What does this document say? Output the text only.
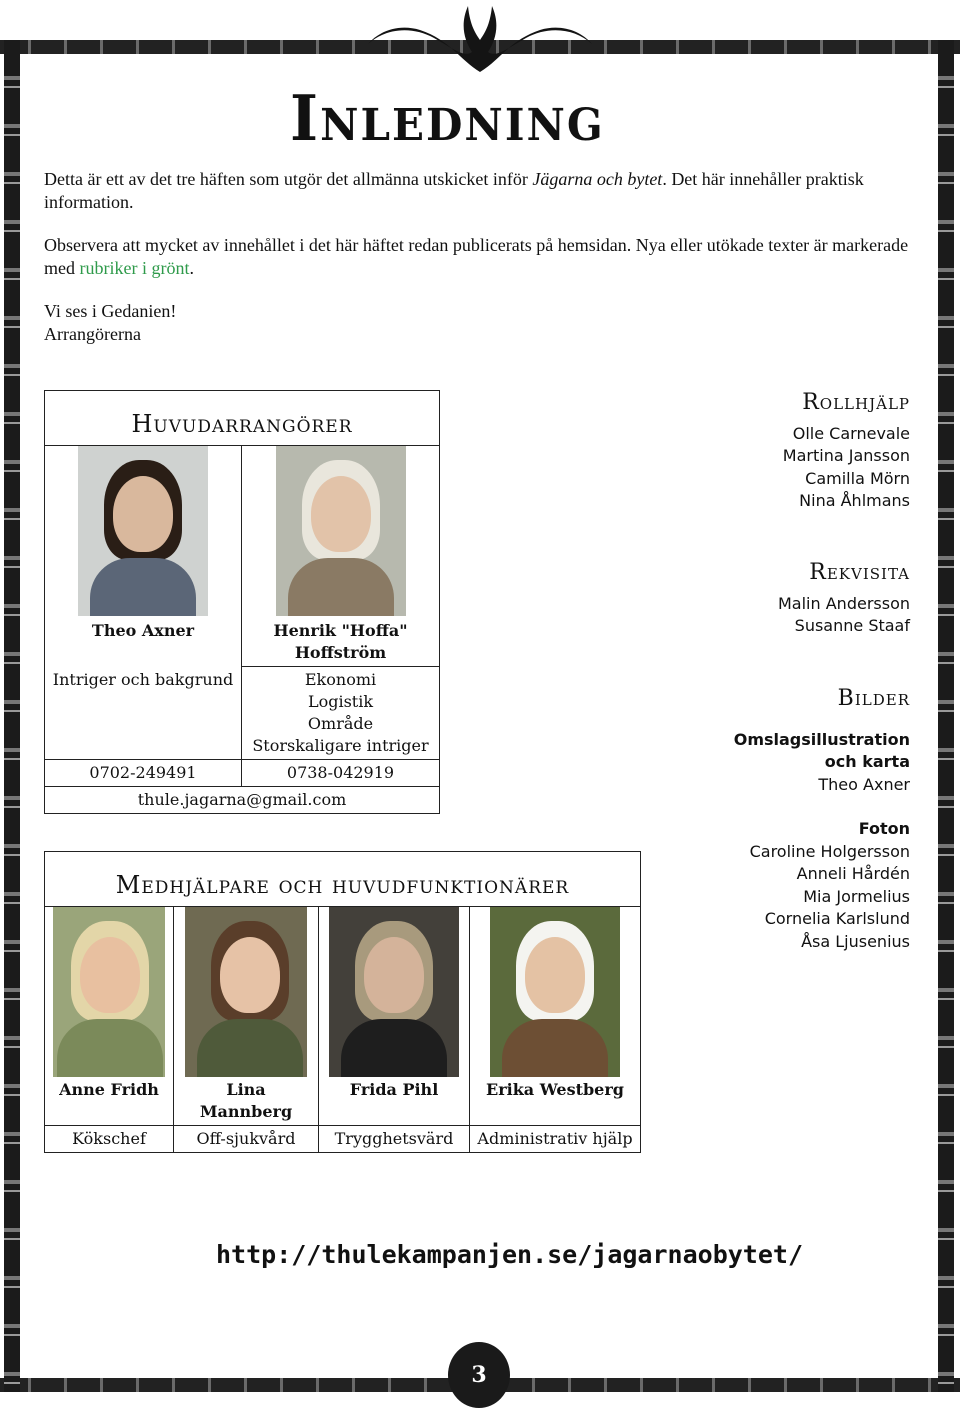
Inledning

Detta är ett av det tre häften som utgör det allmänna utskicket inför Jägarna och bytet. Det här innehåller praktisk information.

Observera att mycket av innehållet i det här häftet redan publicerats på hemsidan. Nya eller utökade texter är markerade med rubriker i grönt.

Vi ses i Gedanien!

Arrangörerna

Huvudarrangörer	

Theo Axner	Henrik "Hoffa" Hoffström
Intriger och bakgrund	Ekonomi
Logistik
Område
Storskaligare intriger

0702-249491	0738-042919
thule.jagarna@gmail.com	
Medhjälpare och huvudfunktionärer			

Anne Fridh	Lina Mannberg	Frida Pihl	Erika Westberg
Kökschef	Off-sjukvård	Trygghetsvärd	Administrativ hjälp
Rollhjälp
Olle Carnevale
Martina Jansson
Camilla Mörn
Nina Åhlmans
Rekvisita
Malin Andersson
Susanne Staaf
Bilder
Omslagsillustration och karta
Theo Axner
Foton
Caroline Holgersson
Anneli Hårdén
Mia Jormelius
Cornelia Karlslund
Åsa Ljusenius
http://thulekampanjen.se/jagarnaobytet/
3
